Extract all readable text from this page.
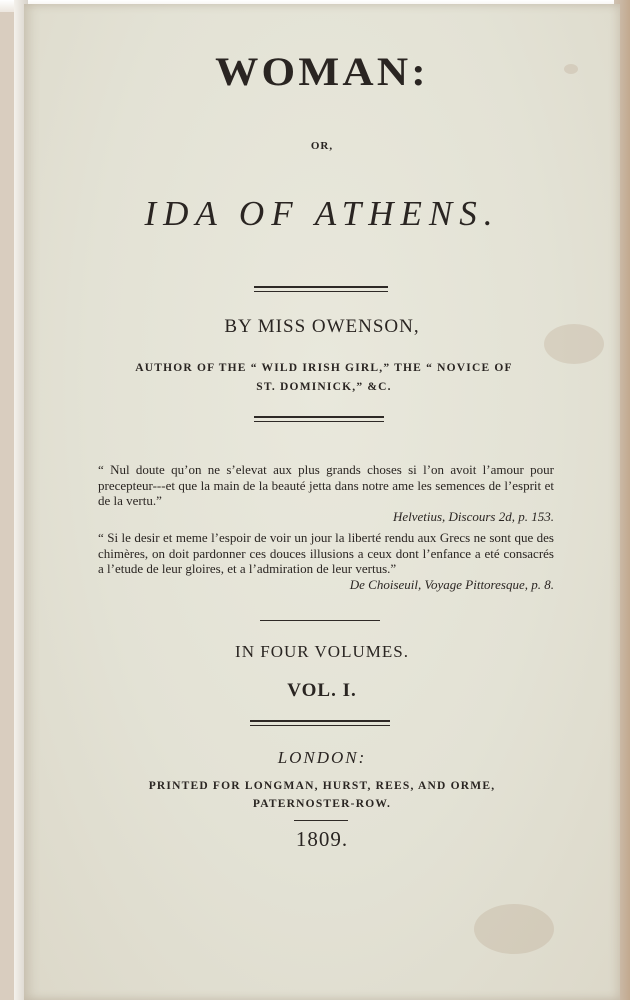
WOMAN:
OR,
IDA OF ATHENS.
BY MISS OWENSON,
AUTHOR OF THE “ WILD IRISH GIRL,” THE “ NOVICE OF
ST. DOMINICK,” &C.
“ Nul doute qu’on ne s’elevat aux plus grands choses si l’on avoit l’amour pour precepteur---et que la main de la beauté jetta dans notre ame les semences de l’esprit et de la vertu.”
Helvetius, Discours 2d, p. 153.
“ Si le desir et meme l’espoir de voir un jour la liberté rendu aux Grecs ne sont que des chimères, on doit pardonner ces douces illusions a ceux dont l’enfance a eté consacrés a l’etude de leur gloires, et a l’admiration de leur vertus.”
De Choiseuil, Voyage Pittoresque, p. 8.
IN FOUR VOLUMES.
VOL. I.
LONDON:
PRINTED FOR LONGMAN, HURST, REES, AND ORME,
PATERNOSTER-ROW.
1809.
